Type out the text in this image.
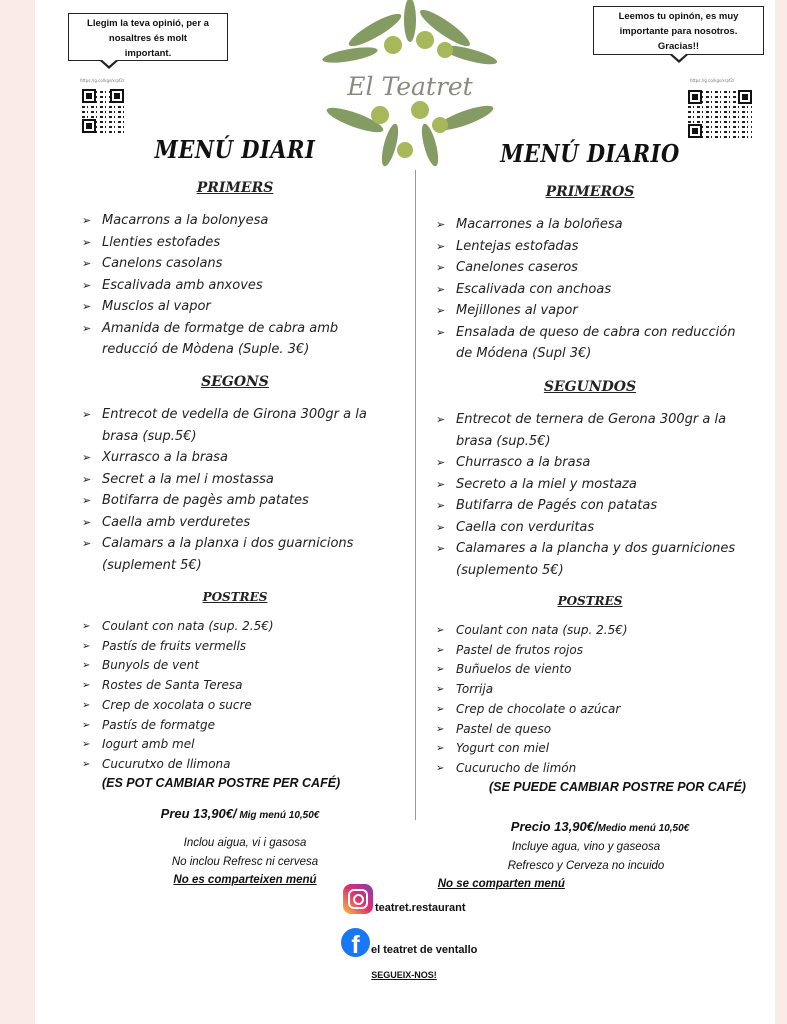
Llegim la teva opinió, per a nosaltres és molt important.
Leemos tu opinón, es muy importante para nosotros. Gracias!!
https://g.co/kgs/xrpf2r	https://g.co/kgs/xrpf2r
El Teatret
MENÚ DIARI
PRIMERS
➢ Macarrons a la bolonyesa
➢ Llenties estofades
➢ Canelons casolans
➢ Escalivada amb anxoves
➢ Musclos al vapor
➢ Amanida de formatge de cabra amb reducció de Mòdena (Suple. 3€)
SEGONS
➢ Entrecot de vedella de Girona 300gr a la brasa (sup.5€)
➢ Xurrasco a la brasa
➢ Secret a la mel i mostassa
➢ Botifarra de pagès amb patates
➢ Caella amb verduretes
➢ Calamars a la planxa i dos guarnicions (suplement 5€)
POSTRES
➢ Coulant con nata (sup. 2.5€)
➢ Pastís de fruits vermells
➢ Bunyols de vent
➢ Rostes de Santa Teresa
➢ Crep de xocolata o sucre
➢ Pastís de formatge
➢ Iogurt amb mel
➢ Cucurutxo de llimona
(ES POT CAMBIAR POSTRE PER CAFÉ)
Preu 13,90€/ Mig menú 10,50€
Inclou aigua, vi i gasosa
No inclou Refresc ni cervesa
No es comparteixen menú
MENÚ DIARIO
PRIMEROS
➢ Macarrones a la boloñesa
➢ Lentejas estofadas
➢ Canelones caseros
➢ Escalivada con anchoas
➢ Mejillones al vapor
➢ Ensalada de queso de cabra con reducción de Módena (Supl 3€)
SEGUNDOS
➢ Entrecot de ternera de Gerona 300gr a la brasa (sup.5€)
➢ Churrasco a la brasa
➢ Secreto a la miel y mostaza
➢ Butifarra de Pagés con patatas
➢ Caella con verduritas
➢ Calamares a la plancha y dos guarniciones (suplemento 5€)
POSTRES
➢ Coulant con nata (sup. 2.5€)
➢ Pastel de frutos rojos
➢ Buñuelos de viento
➢ Torrija
➢ Crep de chocolate o azúcar
➢ Pastel de queso
➢ Yogurt con miel
➢ Cucurucho de limón
(SE PUEDE CAMBIAR POSTRE POR CAFÉ)
Precio 13,90€/Medio menú 10,50€
Incluye agua, vino y gaseosa
Refresco y Cerveza no incuido
No se comparten menú
teatret.restaurant
f	el teatret de ventallo
SEGUEIX-NOS!
